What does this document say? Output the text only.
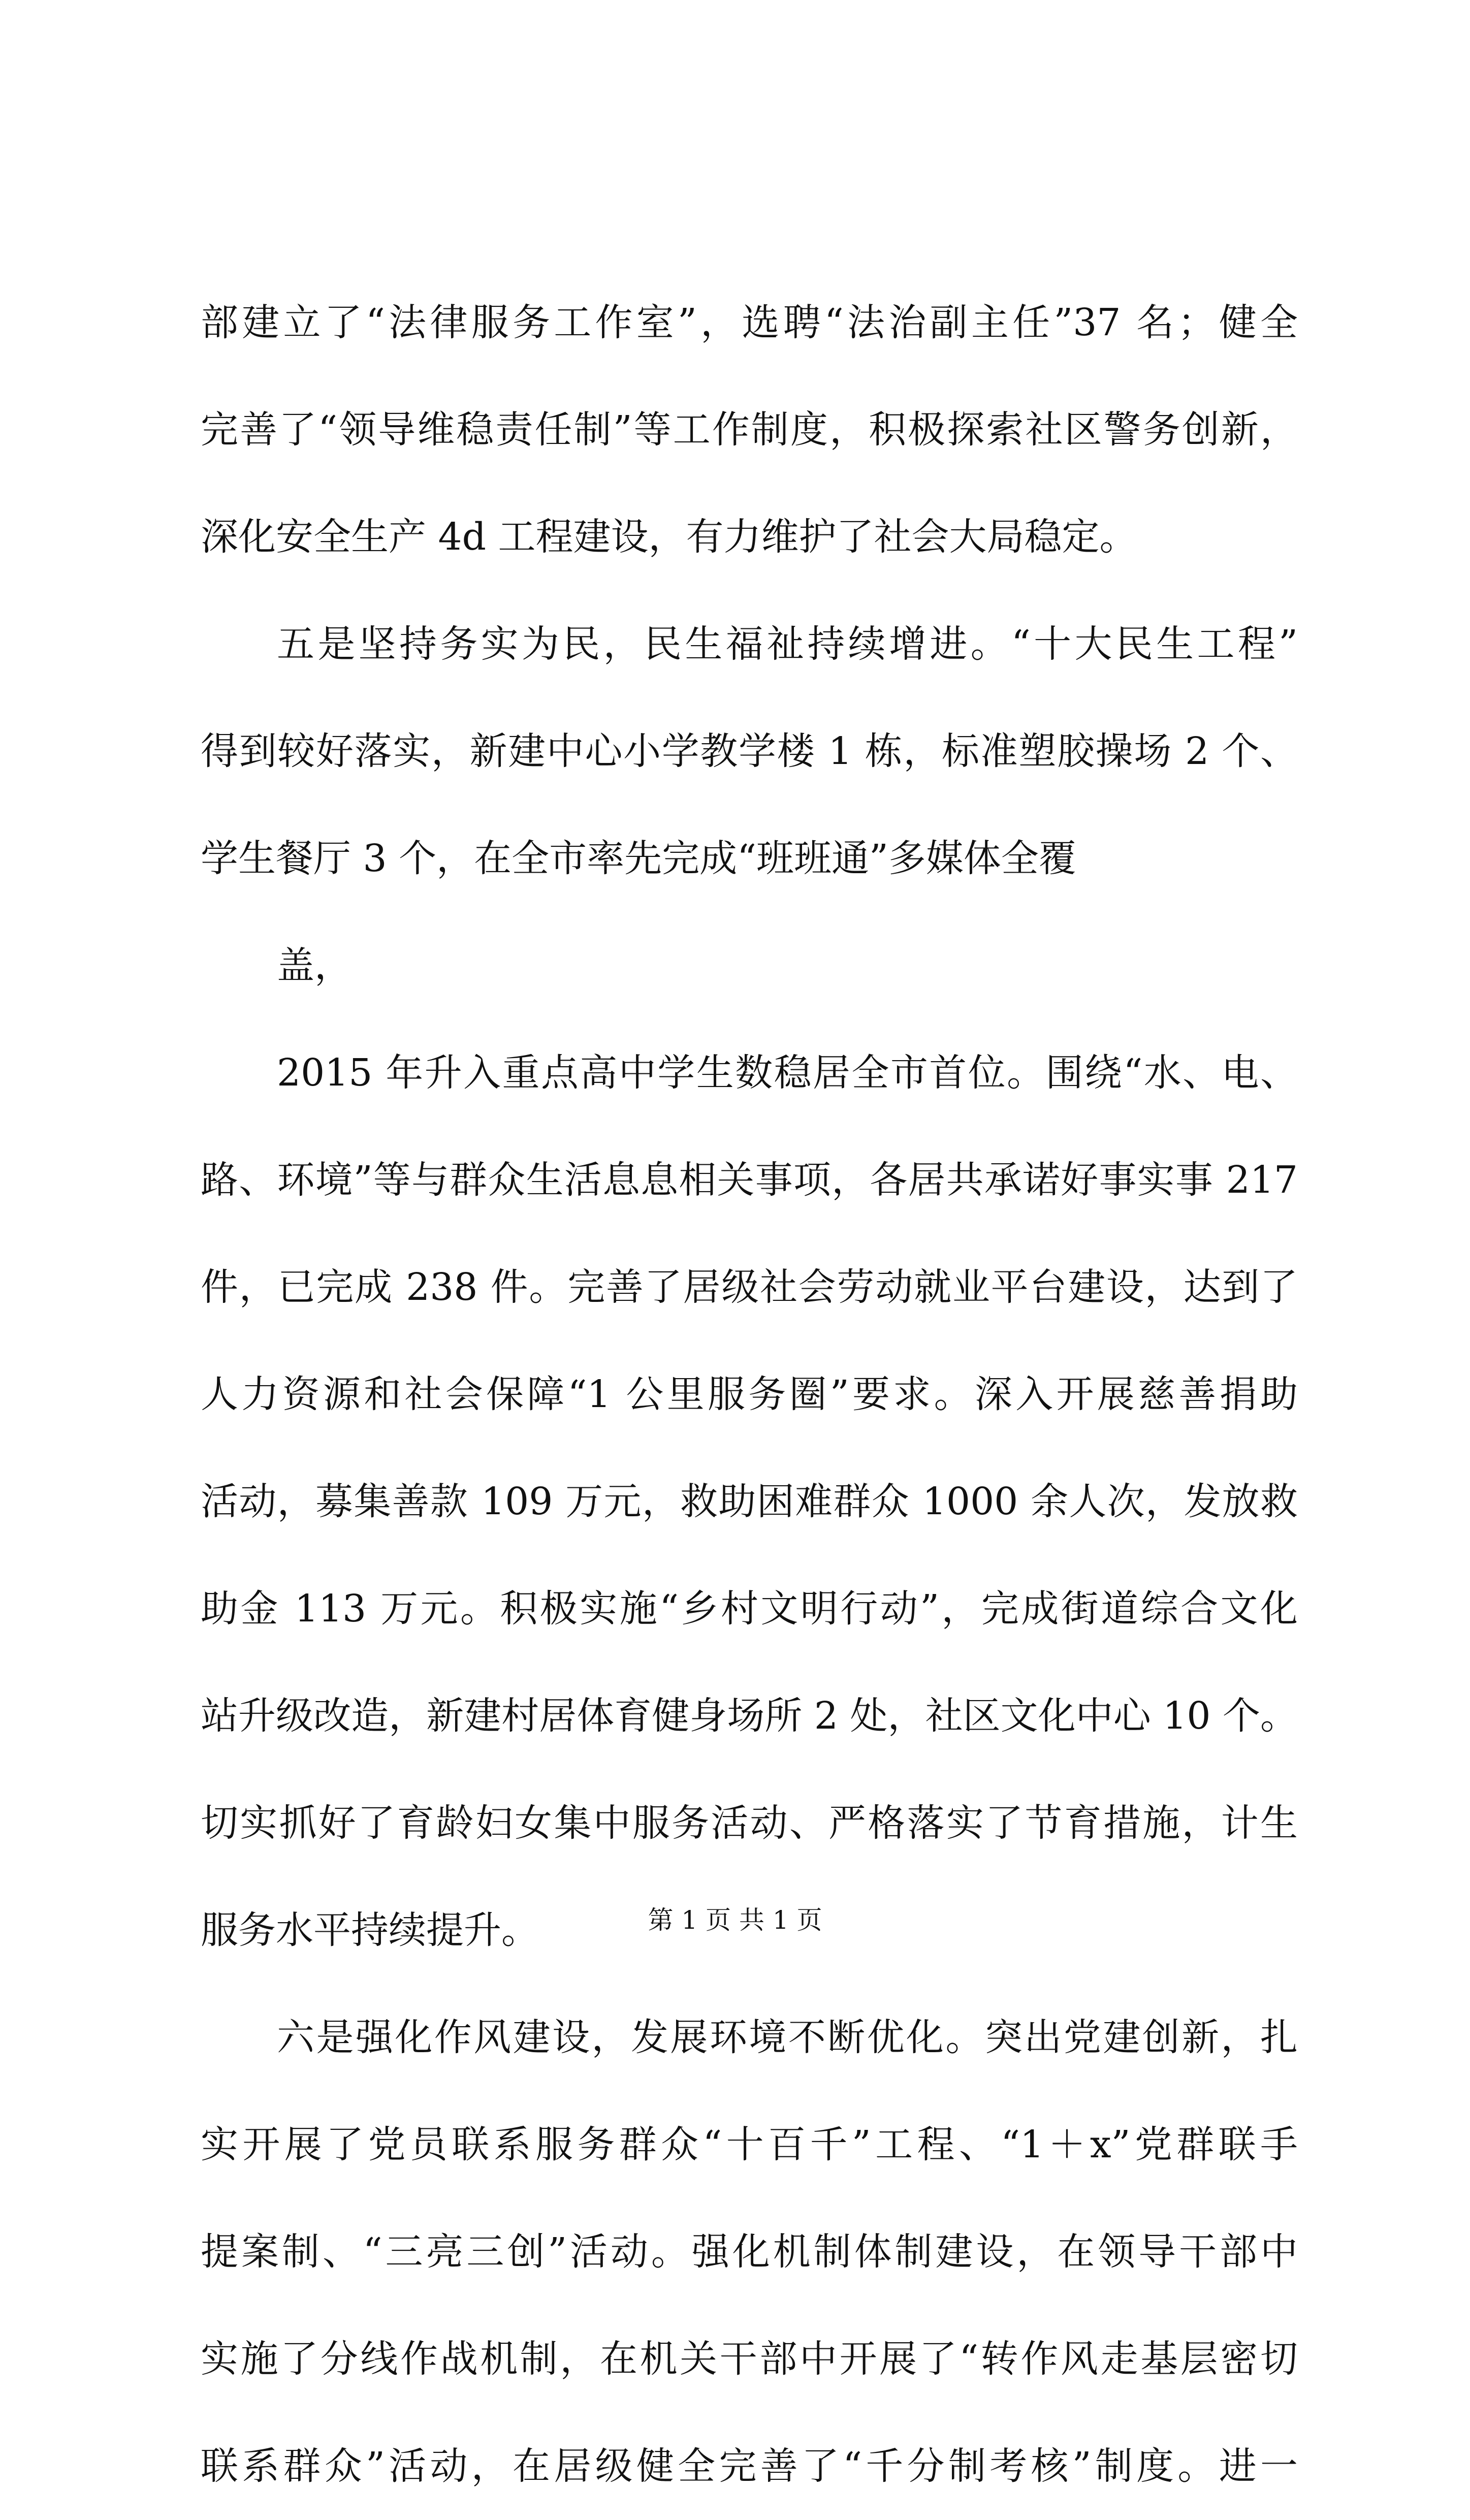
部建立了“法律服务工作室”，选聘“法治副主任”37 名；健全
完善了“领导维稳责任制”等工作制度，积极探索社区警务创新，
深化安全生产 4d 工程建设，有力维护了社会大局稳定。
五是坚持务实为民，民生福祉持续增进。“十大民生工程”
得到较好落实，新建中心小学教学楼 1 栋，标准塑胶操场 2 个、
学生餐厅 3 个，在全市率先完成“班班通”多媒体全覆
盖，
2015 年升入重点高中学生数稳居全市首位。围绕“水、电、
路、环境”等与群众生活息息相关事项，各居共承诺好事实事 217
件，已完成 238 件。完善了居级社会劳动就业平台建设，达到了
人力资源和社会保障“1 公里服务圈”要求。深入开展慈善捐助
活动，募集善款 109 万元，救助困难群众 1000 余人次，发放救
助金 113 万元。积极实施“乡村文明行动”，完成街道综合文化
站升级改造，新建村居体育健身场所 2 处，社区文化中心 10 个。
切实抓好了育龄妇女集中服务活动、严格落实了节育措施，计生
服务水平持续提升。
六是强化作风建设，发展环境不断优化。突出党建创新，扎
实开展了党员联系服务群众“十百千”工程、“1＋x”党群联手
提案制、“三亮三创”活动。强化机制体制建设，在领导干部中
实施了分线作战机制，在机关干部中开展了“转作风走基层密切
联系群众”活动，在居级健全完善了“千分制考核”制度。进一
第 1 页 共 1 页
